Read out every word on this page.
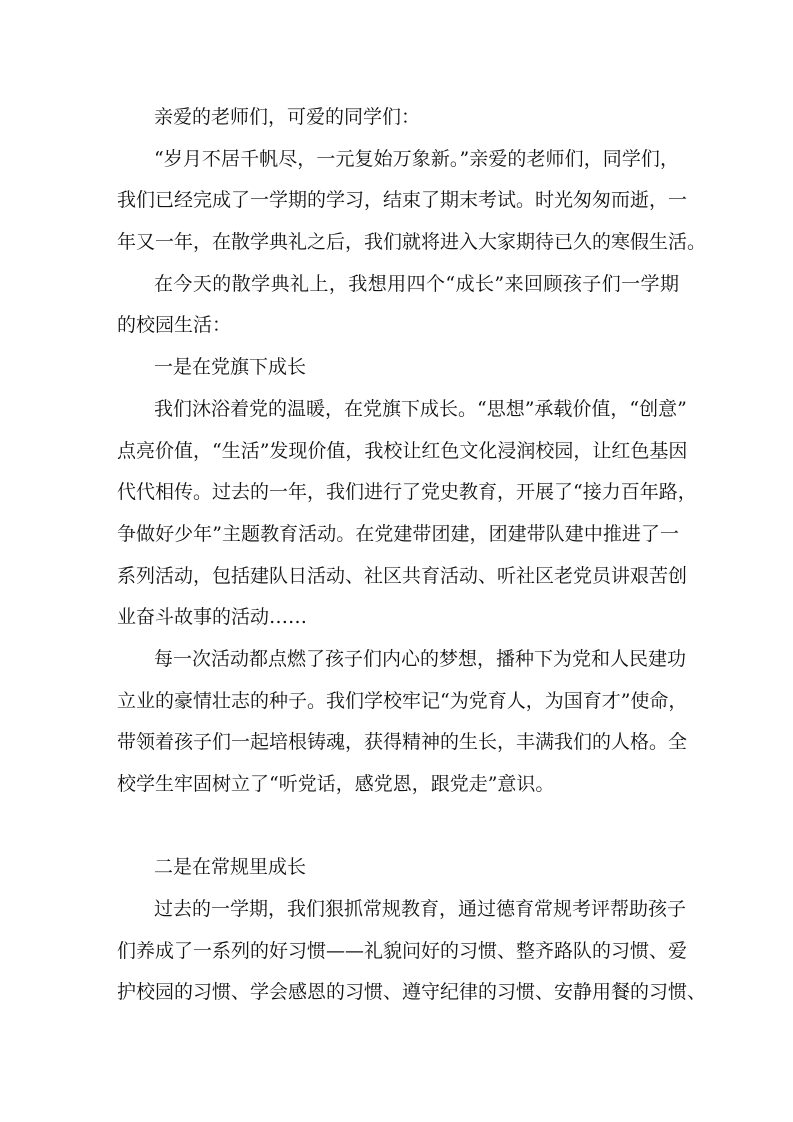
亲爱的老师们，可爱的同学们：
“岁月不居千帆尽，一元复始万象新。”亲爱的老师们，同学们，
我们已经完成了一学期的学习，结束了期末考试。时光匆匆而逝，一
年又一年，在散学典礼之后，我们就将进入大家期待已久的寒假生活。
在今天的散学典礼上，我想用四个“成长”来回顾孩子们一学期
的校园生活：
一是在党旗下成长
我们沐浴着党的温暖，在党旗下成长。“思想”承载价值，“创意”
点亮价值，“生活”发现价值，我校让红色文化浸润校园，让红色基因
代代相传。过去的一年，我们进行了党史教育，开展了“接力百年路，
争做好少年”主题教育活动。在党建带团建，团建带队建中推进了一
系列活动，包括建队日活动、社区共育活动、听社区老党员讲艰苦创
业奋斗故事的活动……
每一次活动都点燃了孩子们内心的梦想，播种下为党和人民建功
立业的豪情壮志的种子。我们学校牢记“为党育人，为国育才”使命，
带领着孩子们一起培根铸魂，获得精神的生长，丰满我们的人格。全
校学生牢固树立了“听党话，感党恩，跟党走”意识。
二是在常规里成长
过去的一学期，我们狠抓常规教育，通过德育常规考评帮助孩子
们养成了一系列的好习惯——礼貌问好的习惯、整齐路队的习惯、爱
护校园的习惯、学会感恩的习惯、遵守纪律的习惯、安静用餐的习惯、
